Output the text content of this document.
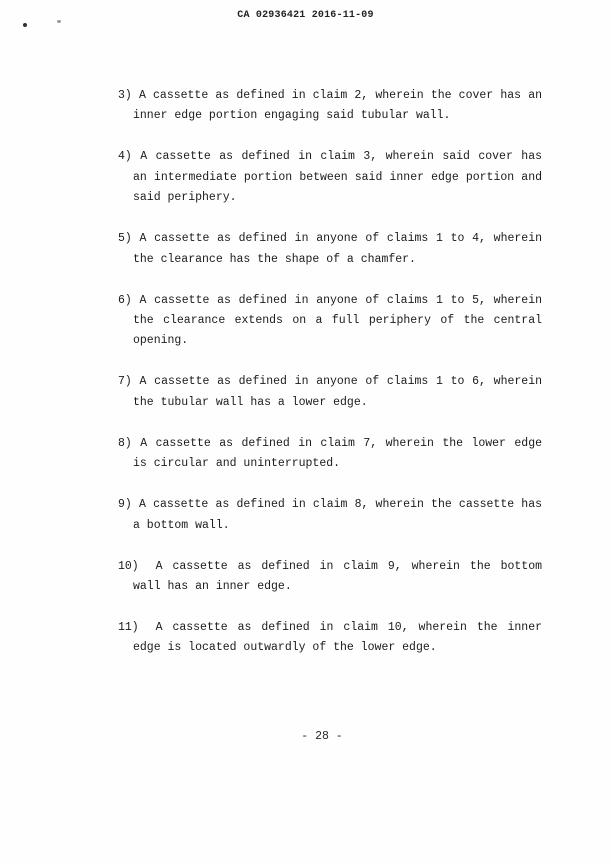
CA 02936421 2016-11-09

3) A cassette as defined in claim 2, wherein the cover has an inner edge portion engaging said tubular wall.

4) A cassette as defined in claim 3, wherein said cover has an intermediate portion between said inner edge portion and said periphery.

5) A cassette as defined in anyone of claims 1 to 4, wherein the clearance has the shape of a chamfer.

6) A cassette as defined in anyone of claims 1 to 5, wherein the clearance extends on a full periphery of the central opening.

7) A cassette as defined in anyone of claims 1 to 6, wherein the tubular wall has a lower edge.

8) A cassette as defined in claim 7, wherein the lower edge is circular and uninterrupted.

9) A cassette as defined in claim 8, wherein the cassette has a bottom wall.

10) A cassette as defined in claim 9, wherein the bottom wall has an inner edge.

11) A cassette as defined in claim 10, wherein the inner edge is located outwardly of the lower edge.

- 28 -
